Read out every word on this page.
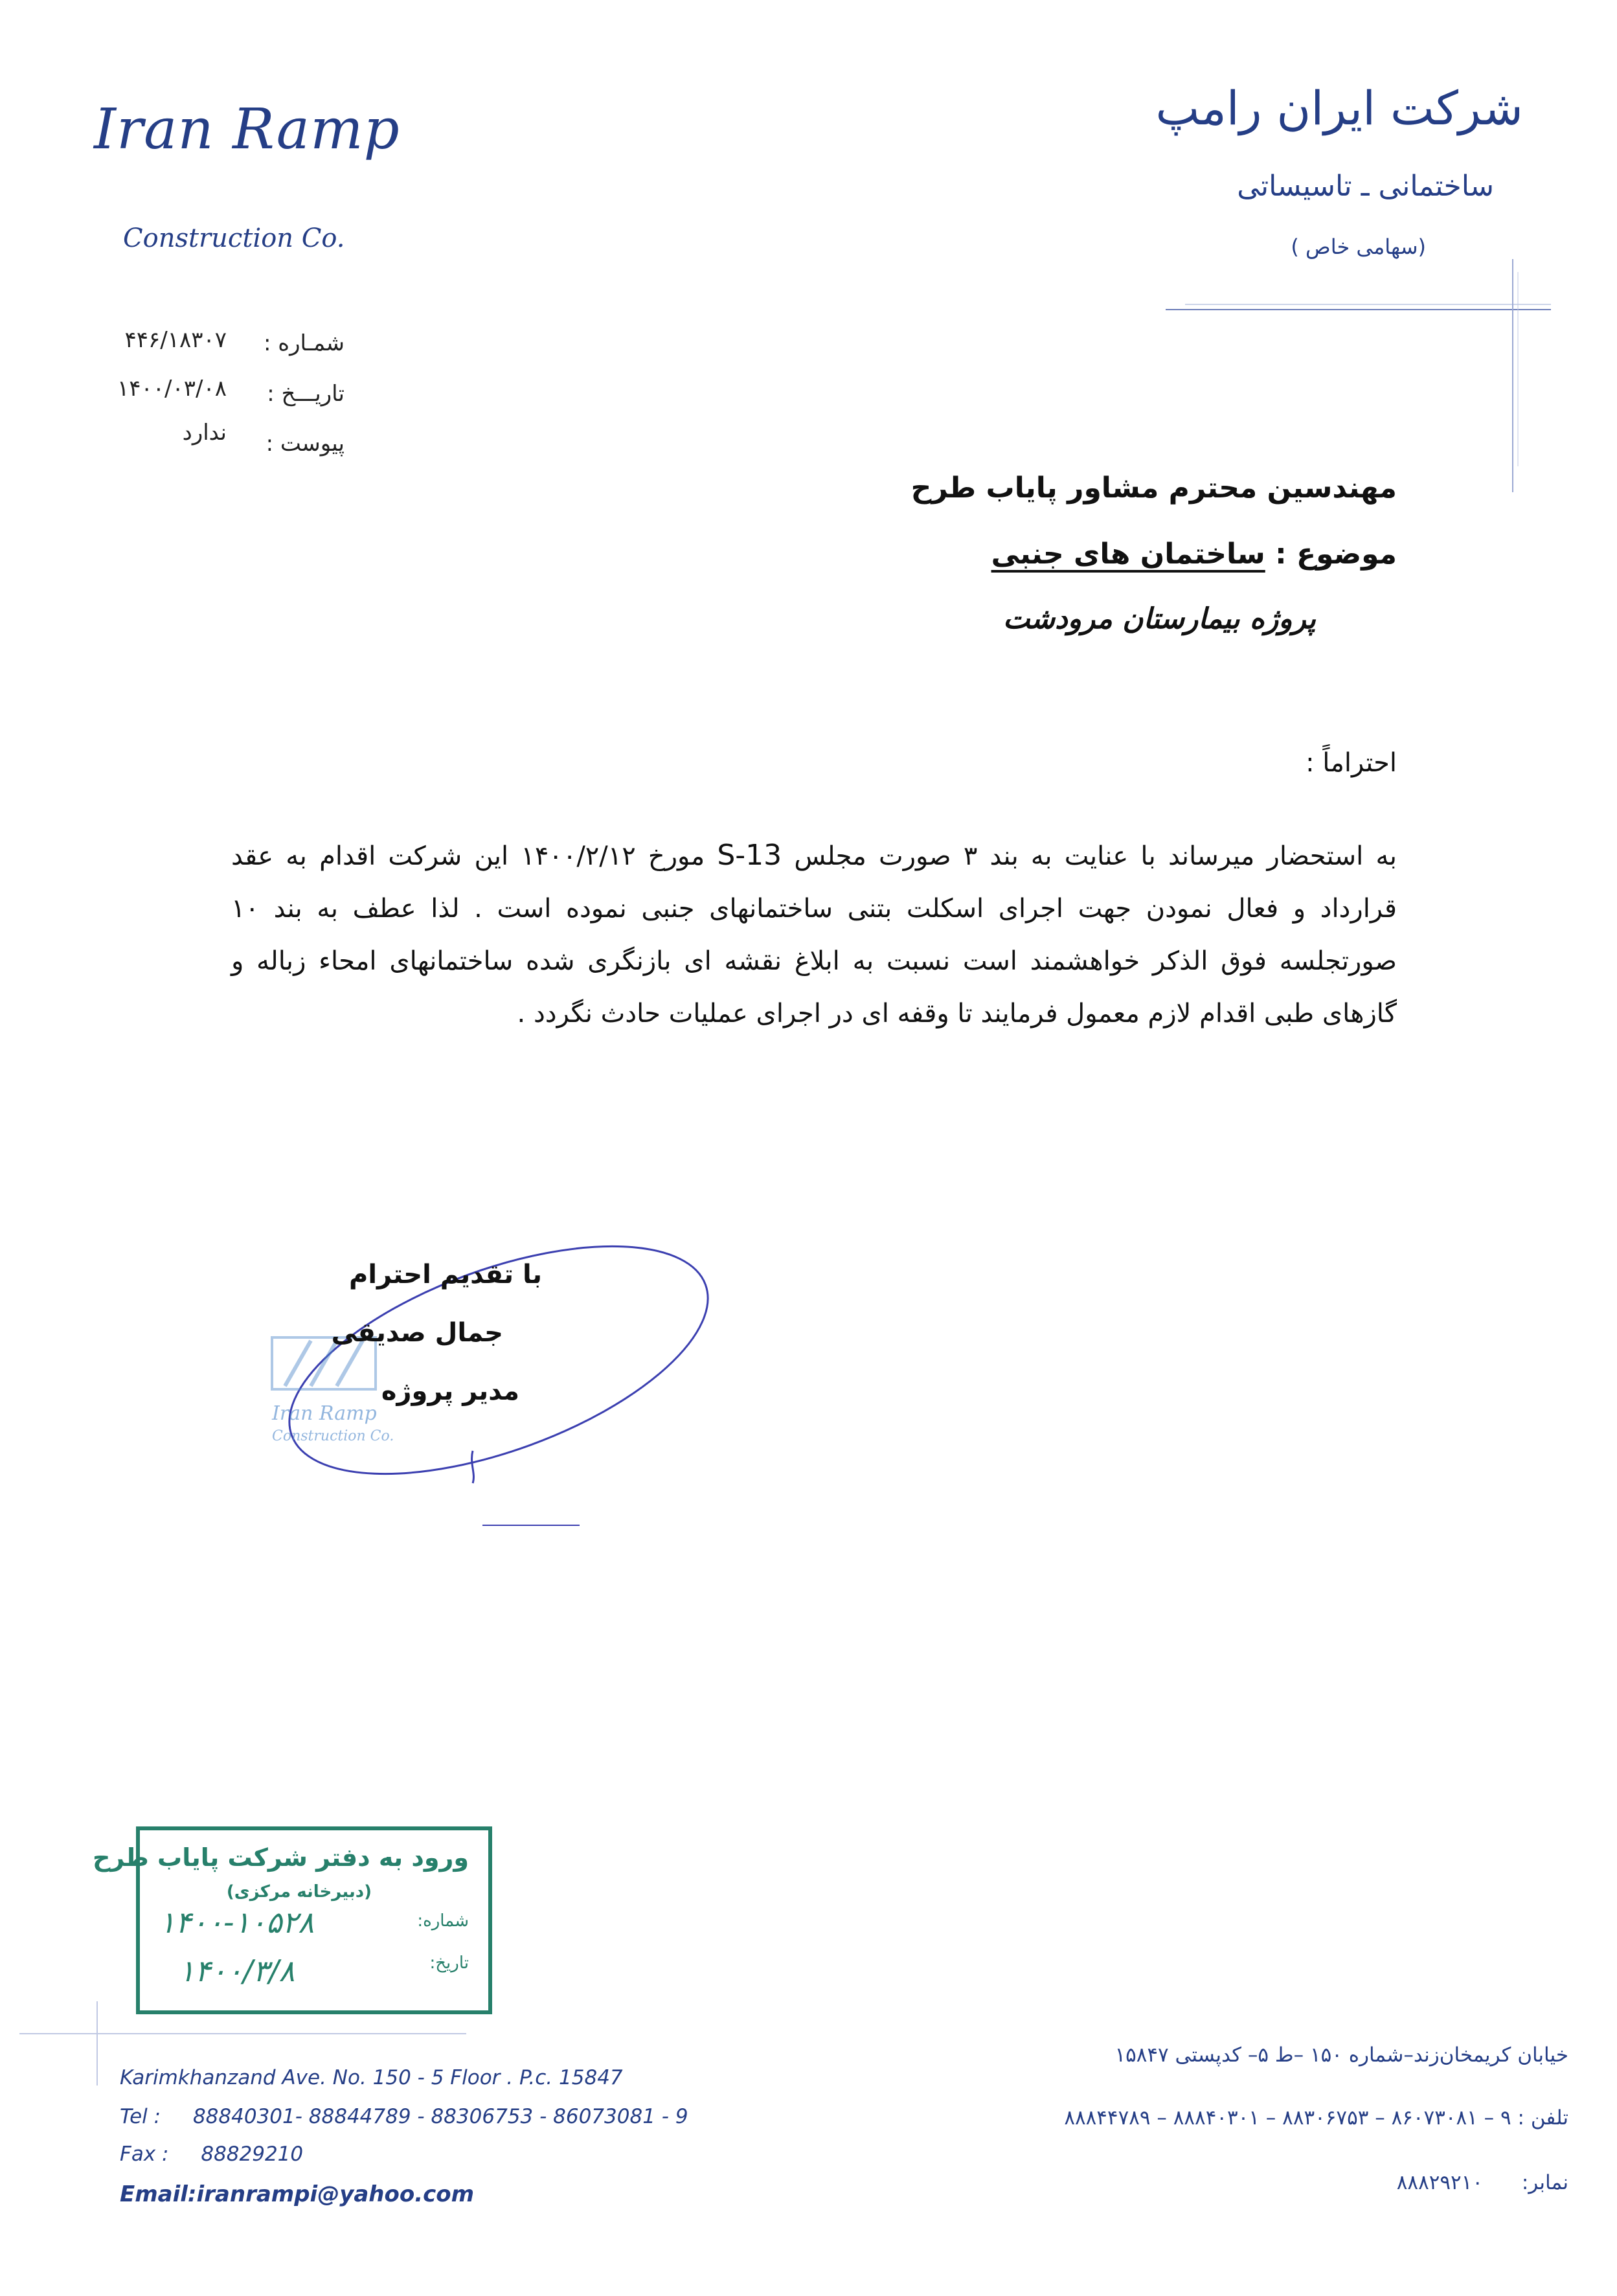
Iran Ramp
Construction Co.
شرکت ایران رامپ
ساختمانی ـ تاسیساتی
(سهامی خاص )
شمـاره :
۴۴۶/۱۸۳۰۷
تاریـــخ :
۱۴۰۰/۰۳/۰۸
پیوست :
ندارد
مهندسین محترم مشاور پایاب طرح
موضوع : ساختمان های جنبی
پروژه بیمارستان مرودشت
احتراماً :
به استحضار میرساند با عنایت به بند ۳ صورت مجلس S-13 مورخ ۱۴۰۰/۲/۱۲ این شرکت اقدام به عقد قرارداد و فعال نمودن جهت اجرای اسکلت بتنی ساختمانهای جنبی نموده است . لذا عطف به بند ۱۰ صورتجلسه فوق الذکر خواهشمند است نسبت به ابلاغ نقشه ای بازنگری شده ساختمانهای امحاء زباله و گازهای طبی اقدام لازم معمول فرمایند تا وقفه ای در اجرای عملیات حادث نگردد .
Iran Ramp
Construction Co.
با تقدیم احترام
جمال صدیقی
مدیر پروژه
ورود به دفتر شرکت پایاب طرح
(دبیرخانه مرکزی)
شماره:
تاریخ:
۱۴۰۰-۱۰۵۲۸
۱۴۰۰/۳/۸
Karimkhanzand Ave. No. 150 - 5 Floor . P.c. 15847
Tel : 88840301- 88844789 - 88306753 - 86073081 - 9
Fax : 88829210
Email:iranrampi@yahoo.com
خیابان کریمخان‌زند–شماره ۱۵۰ –ط ۵– کدپستی ۱۵۸۴۷
تلفن : ۹ – ۸۶۰۷۳۰۸۱ – ۸۸۳۰۶۷۵۳ – ۸۸۸۴۰۳۰۱ – ۸۸۸۴۴۷۸۹
نمابر: ۸۸۸۲۹۲۱۰
